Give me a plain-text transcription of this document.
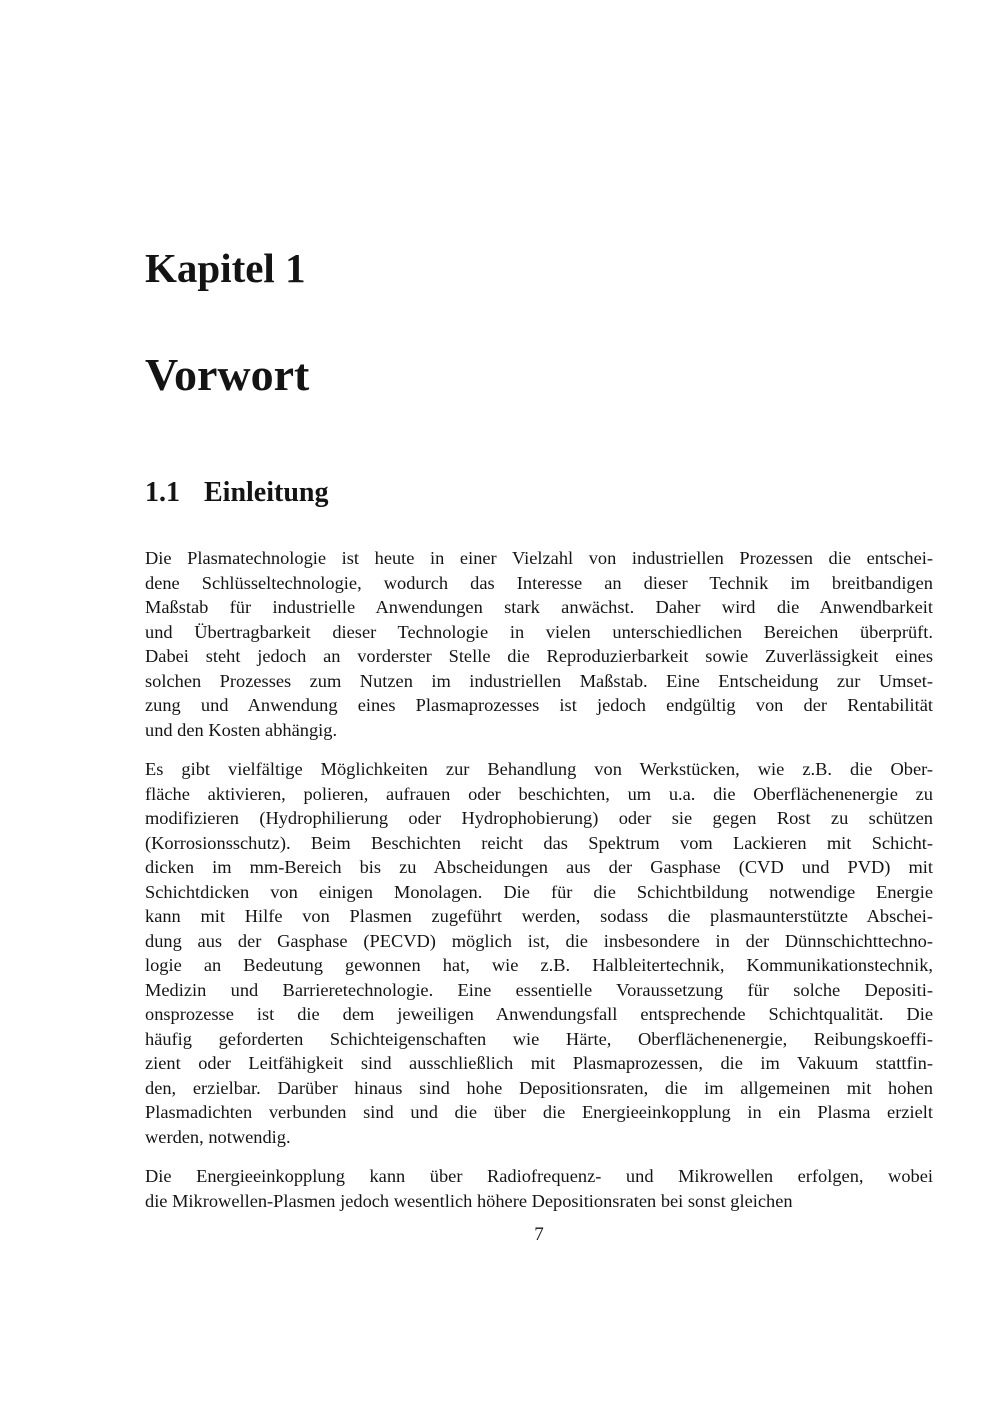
Kapitel 1
Vorwort
1.1 Einleitung
Die Plasmatechnologie ist heute in einer Vielzahl von industriellen Prozessen die entschei-
dene Schlüsseltechnologie, wodurch das Interesse an dieser Technik im breitbandigen
Maßstab für industrielle Anwendungen stark anwächst. Daher wird die Anwendbarkeit
und Übertragbarkeit dieser Technologie in vielen unterschiedlichen Bereichen überprüft.
Dabei steht jedoch an vorderster Stelle die Reproduzierbarkeit sowie Zuverlässigkeit eines
solchen Prozesses zum Nutzen im industriellen Maßstab. Eine Entscheidung zur Umset-
zung und Anwendung eines Plasmaprozesses ist jedoch endgültig von der Rentabilität
und den Kosten abhängig.
Es gibt vielfältige Möglichkeiten zur Behandlung von Werkstücken, wie z.B. die Ober-
fläche aktivieren, polieren, aufrauen oder beschichten, um u.a. die Oberflächenenergie zu
modifizieren (Hydrophilierung oder Hydrophobierung) oder sie gegen Rost zu schützen
(Korrosionsschutz). Beim Beschichten reicht das Spektrum vom Lackieren mit Schicht-
dicken im mm-Bereich bis zu Abscheidungen aus der Gasphase (CVD und PVD) mit
Schichtdicken von einigen Monolagen. Die für die Schichtbildung notwendige Energie
kann mit Hilfe von Plasmen zugeführt werden, sodass die plasmaunterstützte Abschei-
dung aus der Gasphase (PECVD) möglich ist, die insbesondere in der Dünnschichttechno-
logie an Bedeutung gewonnen hat, wie z.B. Halbleitertechnik, Kommunikationstechnik,
Medizin und Barrieretechnologie. Eine essentielle Voraussetzung für solche Depositi-
onsprozesse ist die dem jeweiligen Anwendungsfall entsprechende Schichtqualität. Die
häufig geforderten Schichteigenschaften wie Härte, Oberflächenenergie, Reibungskoeffi-
zient oder Leitfähigkeit sind ausschließlich mit Plasmaprozessen, die im Vakuum stattfin-
den, erzielbar. Darüber hinaus sind hohe Depositionsraten, die im allgemeinen mit hohen
Plasmadichten verbunden sind und die über die Energieeinkopplung in ein Plasma erzielt
werden, notwendig.
Die Energieeinkopplung kann über Radiofrequenz- und Mikrowellen erfolgen, wobei
die Mikrowellen-Plasmen jedoch wesentlich höhere Depositionsraten bei sonst gleichen
7
